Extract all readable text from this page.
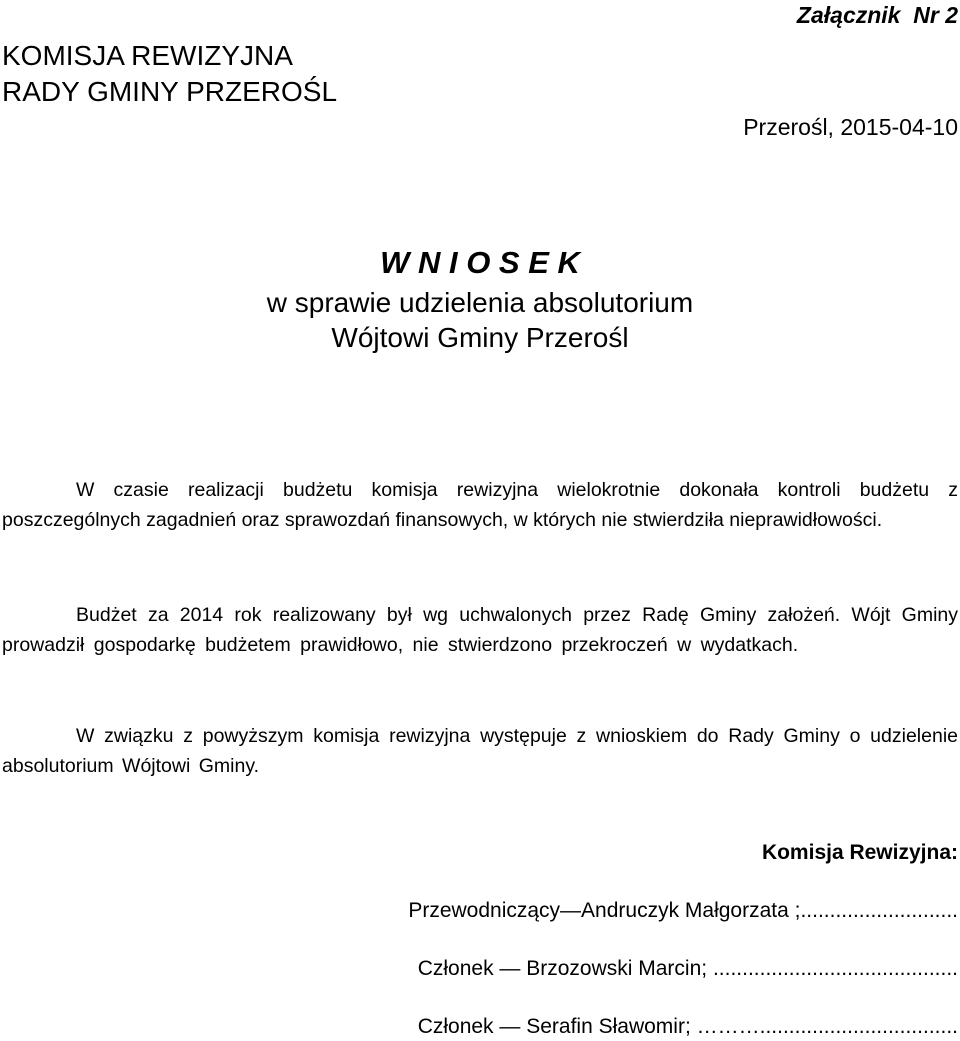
Załącznik  Nr 2
KOMISJA REWIZYJNA
RADY GMINY PRZEROŚL
Przerośl, 2015-04-10
W N I O S E K
w sprawie udzielenia absolutorium
Wójtowi Gminy Przerośl
W czasie realizacji budżetu komisja rewizyjna wielokrotnie dokonała kontroli budżetu z poszczególnych zagadnień oraz sprawozdań finansowych, w których nie stwierdziła nieprawidłowości.
Budżet za 2014 rok realizowany był wg uchwalonych przez Radę Gminy założeń. Wójt Gminy prowadził gospodarkę budżetem prawidłowo, nie stwierdzono przekroczeń w wydatkach.
W związku z powyższym komisja rewizyjna występuje z wnioskiem do Rady Gminy o udzielenie absolutorium Wójtowi Gminy.
Komisja Rewizyjna:
Przewodniczący—Andruczyk Małgorzata ;...........................
Członek — Brzozowski Marcin; ..........................................
Członek — Serafin Sławomir; ………..................................
